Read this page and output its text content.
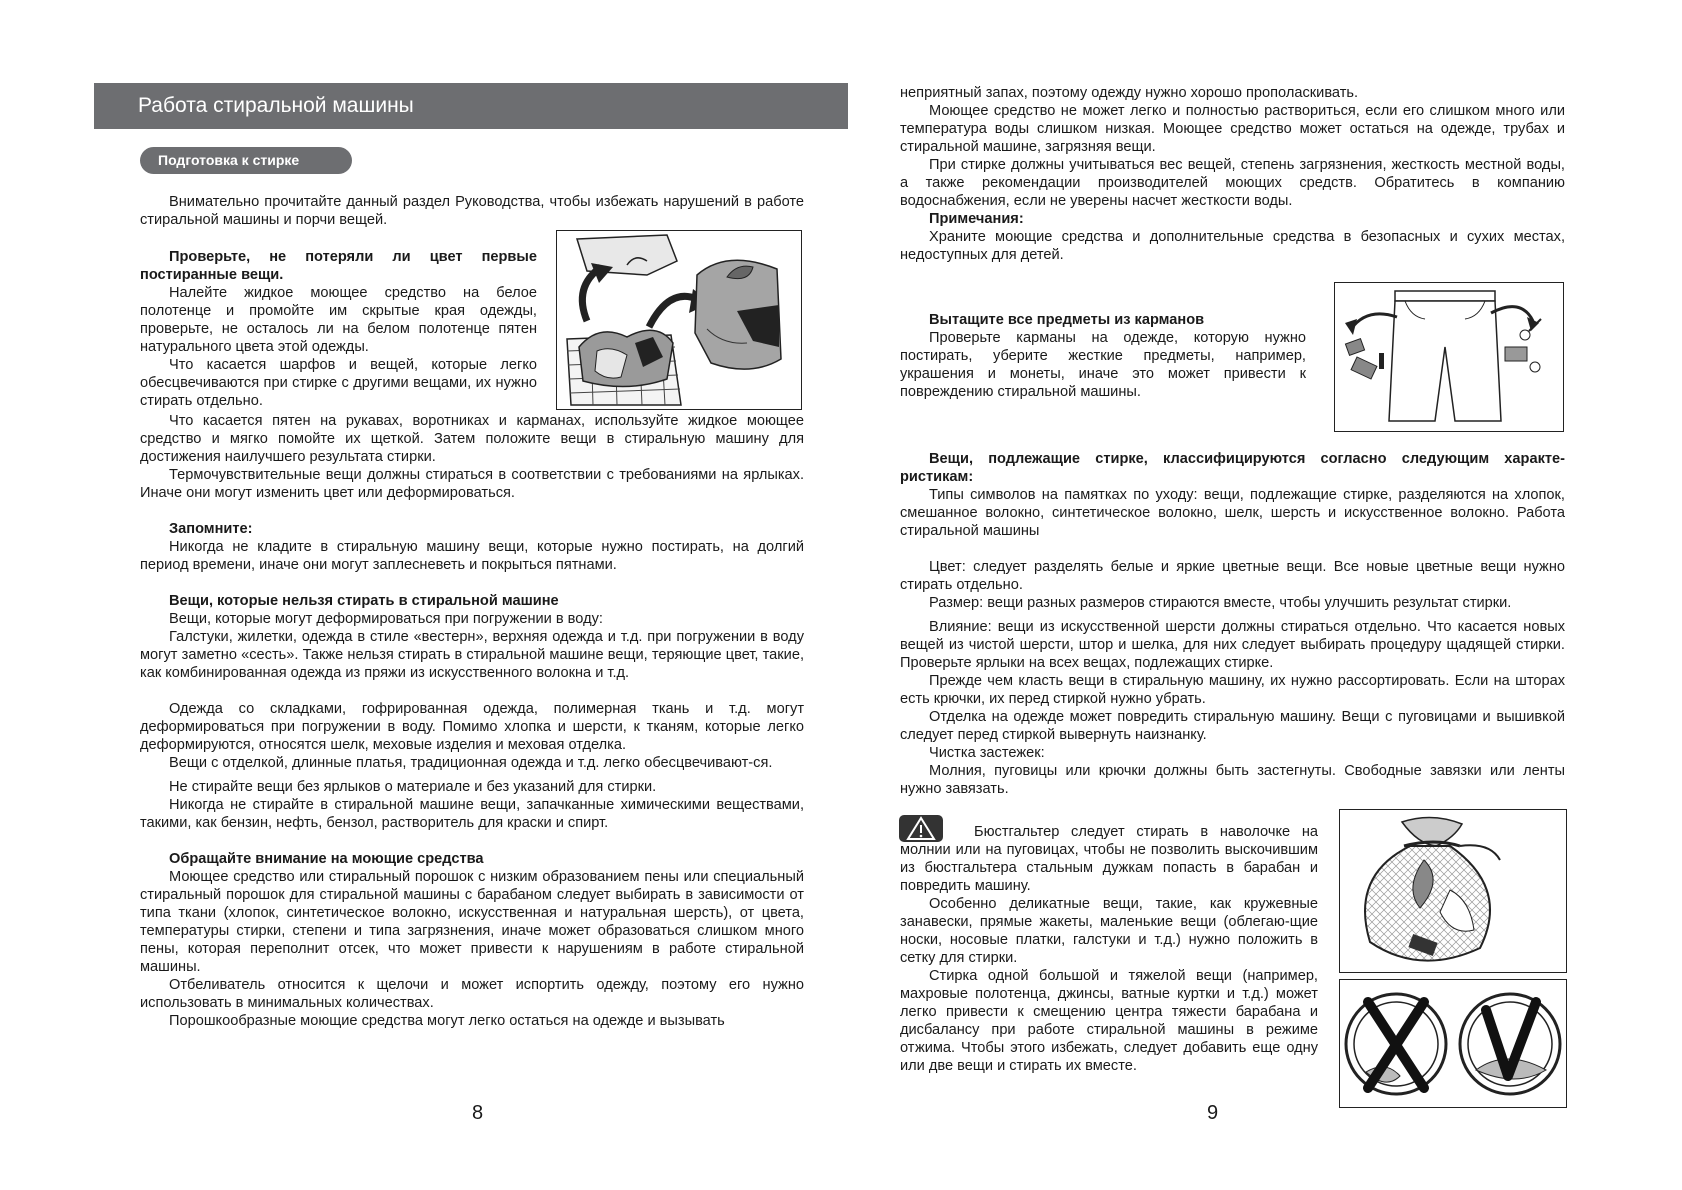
Работа стиральной машины
Подготовка к стирке

Внимательно прочитайте данный раздел Руководства, чтобы избежать нарушений в работе стиральной машины и порчи вещей.

Проверьте, не потеряли ли цвет первые постиранные вещи.

Налейте жидкое моющее средство на белое полотенце и промойте им скрытые края одежды, проверьте, не осталось ли на белом полотенце пятен натурального цвета этой одежды.

Что касается шарфов и вещей, которые легко обесцвечиваются при стирке с другими вещами, их нужно стирать отдельно.

Что касается пятен на рукавах, воротниках и карманах, используйте жидкое моющее средство и мягко помойте их щеткой. Затем положите вещи в стиральную машину для достижения наилучшего результата стирки.

Термочувствительные вещи должны стираться в соответствии с требованиями на ярлыках. Иначе они могут изменить цвет или деформироваться.

Запомните:

Никогда не кладите в стиральную машину вещи, которые нужно постирать, на долгий период времени, иначе они могут заплесневеть и покрыться пятнами.

Вещи, которые нельзя стирать в стиральной машине

Вещи, которые могут деформироваться при погружении в воду:

Галстуки, жилетки, одежда в стиле «вестерн», верхняя одежда и т.д. при погружении в воду могут заметно «сесть». Также нельзя стирать в стиральной машине вещи, теряющие цвет, такие, как комбинированная одежда из пряжи из искусственного волокна и т.д.

Одежда со складками, гофрированная одежда, полимерная ткань и т.д. могут деформироваться при погружении в воду. Помимо хлопка и шерсти, к тканям, которые легко деформируются, относятся шелк, меховые изделия и меховая отделка.

Вещи с отделкой, длинные платья, традиционная одежда и т.д. легко обесцвечивают-ся.

Не стирайте вещи без ярлыков о материале и без указаний для стирки.

Никогда не стирайте в стиральной машине вещи, запачканные химическими веществами, такими, как бензин, нефть, бензол, растворитель для краски и спирт.

Обращайте внимание на моющие средства

Моющее средство или стиральный порошок с низким образованием пены или специальный стиральный порошок для стиральной машины с барабаном следует выбирать в зависимости от типа ткани (хлопок, синтетическое волокно, искусственная и натуральная шерсть), от цвета, температуры стирки, степени и типа загрязнения, иначе может образоваться слишком много пены, которая переполнит отсек, что может привести к нарушениям в работе стиральной машины.

Отбеливатель относится к щелочи и может испортить одежду, поэтому его нужно использовать в минимальных количествах.

Порошкообразные моющие средства могут легко остаться на одежде и вызывать

8

неприятный запах, поэтому одежду нужно хорошо прополаскивать.

Моющее средство не может легко и полностью раствориться, если его слишком много или температура воды слишком низкая. Моющее средство может остаться на одежде, трубах и стиральной машине, загрязняя вещи.

При стирке должны учитываться вес вещей, степень загрязнения, жесткость местной воды, а также рекомендации производителей моющих средств. Обратитесь в компанию водоснабжения, если не уверены насчет жесткости воды.

Примечания:

Храните моющие средства и дополнительные средства в безопасных и сухих местах, недоступных для детей.

Вытащите все предметы из карманов

Проверьте карманы на одежде, которую нужно постирать, уберите жесткие предметы, например, украшения и монеты, иначе это может привести к повреждению стиральной машины.

Вещи, подлежащие стирке, классифицируются согласно следующим характе-ристикам:

Типы символов на памятках по уходу: вещи, подлежащие стирке, разделяются на хлопок, смешанное волокно, синтетическое волокно, шелк, шерсть и искусственное волокно. Работа стиральной машины

Цвет: следует разделять белые и яркие цветные вещи. Все новые цветные вещи нужно стирать отдельно.

Размер: вещи разных размеров стираются вместе, чтобы улучшить результат стирки.

Влияние: вещи из искусственной шерсти должны стираться отдельно. Что касается новых вещей из чистой шерсти, штор и шелка, для них следует выбирать процедуру щадящей стирки. Проверьте ярлыки на всех вещах, подлежащих стирке.

Прежде чем класть вещи в стиральную машину, их нужно рассортировать. Если на шторах есть крючки, их перед стиркой нужно убрать.

Отделка на одежде может повредить стиральную машину. Вещи с пуговицами и вышивкой следует перед стиркой вывернуть наизнанку.

Чистка застежек:

Молния, пуговицы или крючки должны быть застегнуты. Свободные завязки или ленты нужно завязать.

Бюстгальтер следует стирать в наволочке на молнии или на пуговицах, чтобы не позволить выскочившим из бюстгальтера стальным дужкам попасть в барабан и повредить машину.

Особенно деликатные вещи, такие, как кружевные занавески, прямые жакеты, маленькие вещи (облегаю-щие носки, носовые платки, галстуки и т.д.) нужно положить в сетку для стирки.

Стирка одной большой и тяжелой вещи (например, махровые полотенца, джинсы, ватные куртки и т.д.) может легко привести к смещению центра тяжести барабана и дисбалансу при работе стиральной машины в режиме отжима. Чтобы этого избежать, следует добавить еще одну или две вещи и стирать их вместе.

9
